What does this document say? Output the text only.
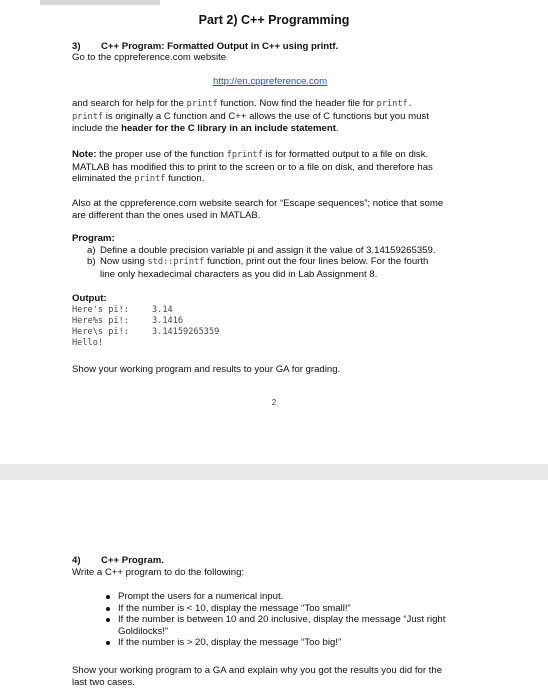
Part 2) C++ Programming
3) C++ Program: Formatted Output in C++ using printf.
Go to the cppreference.com website
http://en.cppreference.com
and search for help for the printf function. Now find the header file for printf.
printf is originally a C function and C++ allows the use of C functions but you must
include the header for the C library in an include statement.
Note: the proper use of the function fprintf is for formatted output to a file on disk.
MATLAB has modified this to print to the screen or to a file on disk, and therefore has
eliminated the printf function.
Also at the cppreference.com website search for “Escape sequences”; notice that some
are different than the ones used in MATLAB.
Program:
a) Define a double precision variable pi and assign it the value of 3.14159265359.
b) Now using std::printf function, print out the four lines below. For the fourth
line only hexadecimal characters as you did in Lab Assignment 8.
Output:
Here's pi!:	3.14
Here%s pi!:	3.1416
Here\s pi!:	3.14159265359
Hello!
Show your working program and results to your GA for grading.
2
4) C++ Program.
Write a C++ program to do the following:
Prompt the users for a numerical input.
If the number is < 10, display the message “Too small!”
If the number is between 10 and 20 inclusive, display the message “Just right Goldilocks!”
If the number is > 20, display the message “Too big!”
Show your working program to a GA and explain why you got the results you did for the
last two cases.
